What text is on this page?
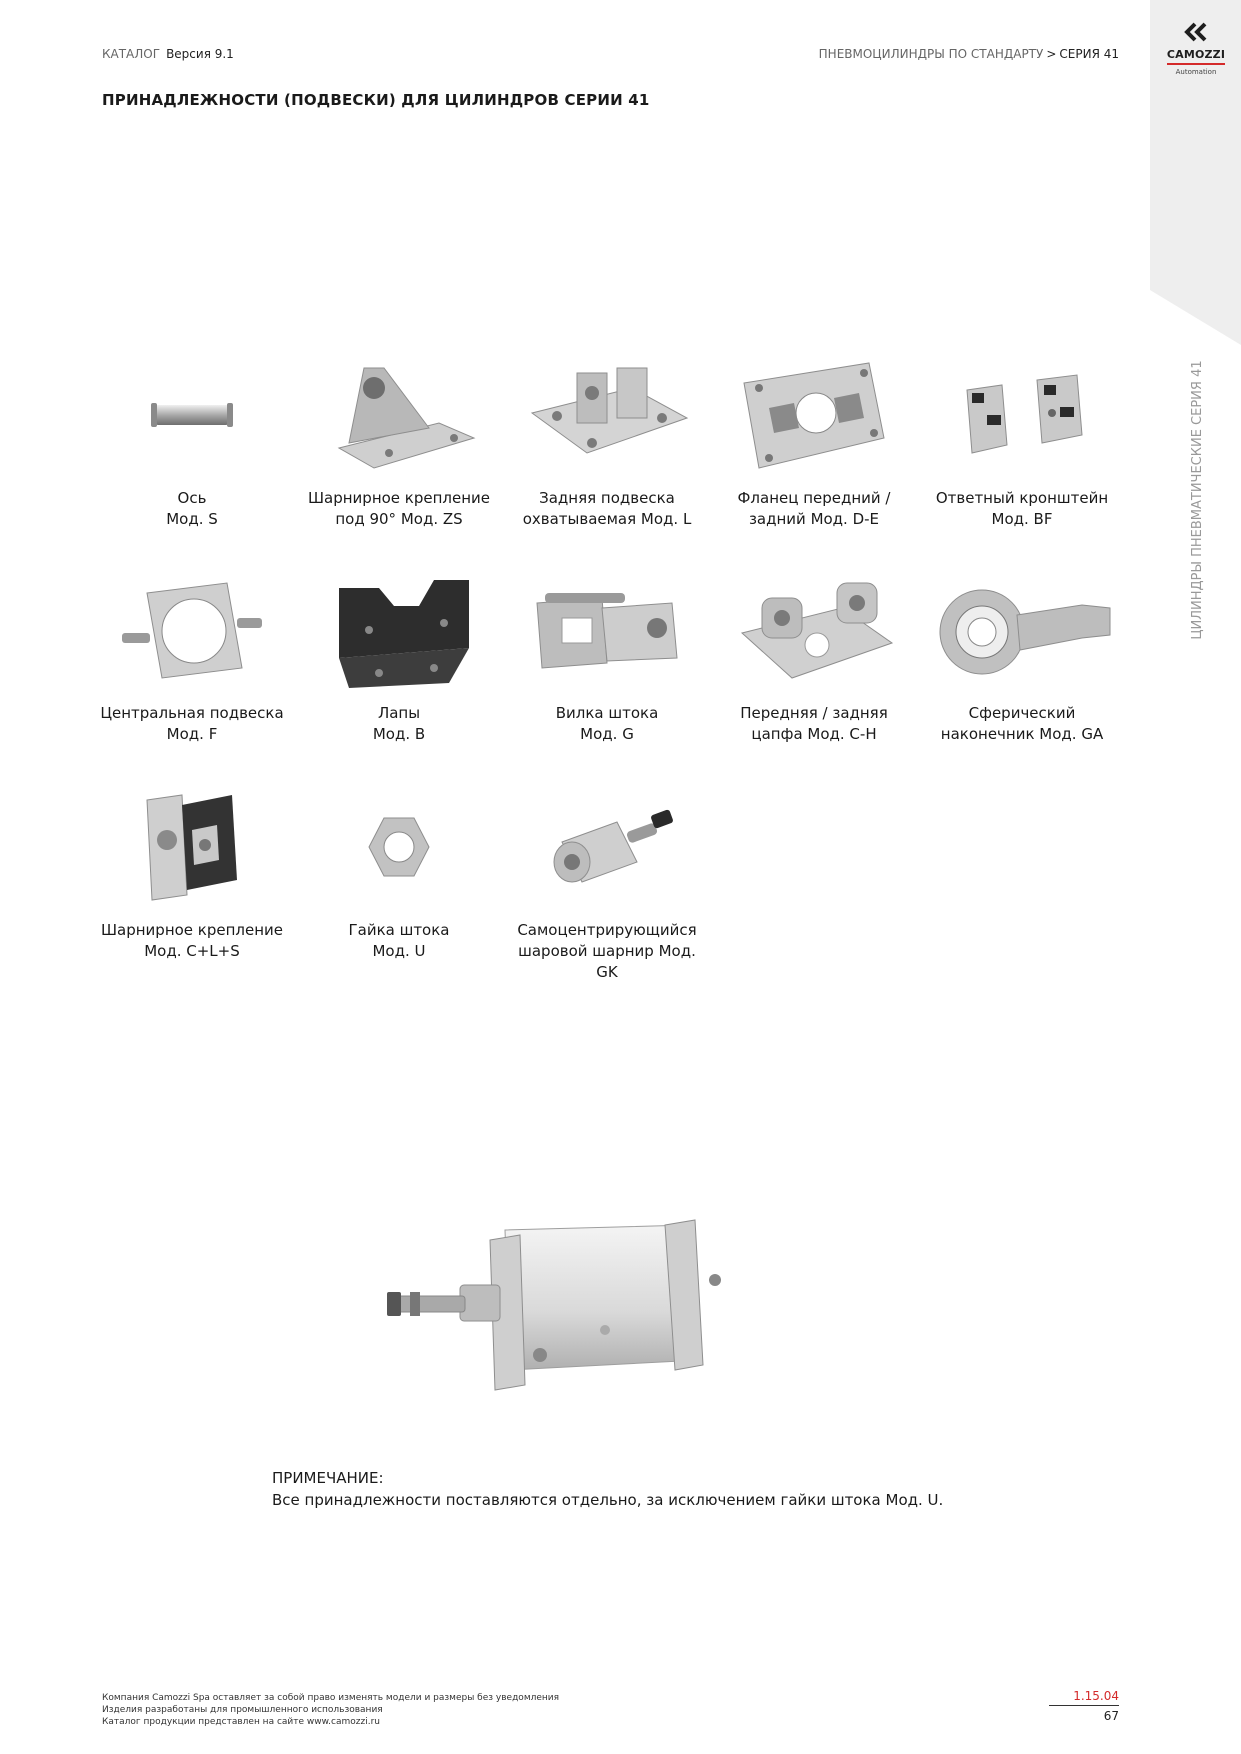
КАТАЛОГ Версия 9.1	ПНЕВМОЦИЛИНДРЫ ПО СТАНДАРТУ > СЕРИЯ 41	CAMOZZI
Automation
ЦИЛИНДРЫ ПНЕВМАТИЧЕСКИЕ СЕРИЯ 41
ПРИНАДЛЕЖНОСТИ (ПОДВЕСКИ) ДЛЯ ЦИЛИНДРОВ СЕРИИ 41
Ось
Мод. S
Шарнирное крепление
под 90° Мод. ZS
Задняя подвеска
охватываемая Мод. L
Фланец передний /
задний Мод. D-E
Ответный кронштейн
Мод. BF
Центральная подвеска
Мод. F
Лапы
Мод. B
Вилка штока
Мод. G
Передняя / задняя
цапфа Мод. C-H
Сферический
наконечник Мод. GA
Шарнирное крепление
Мод. C+L+S
Гайка штока
Мод. U
Самоцентрирующийся
шаровой шарнир Мод. GK
ПРИМЕЧАНИЕ:
Все принадлежности поставляются отдельно, за исключением гайки штока Мод. U.
Компания Camozzi Spa оставляет за собой право изменять модели и размеры без уведомления
Изделия разработаны для промышленного использования
Каталог продукции представлен на сайте www.camozzi.ru
1.15.04
67
